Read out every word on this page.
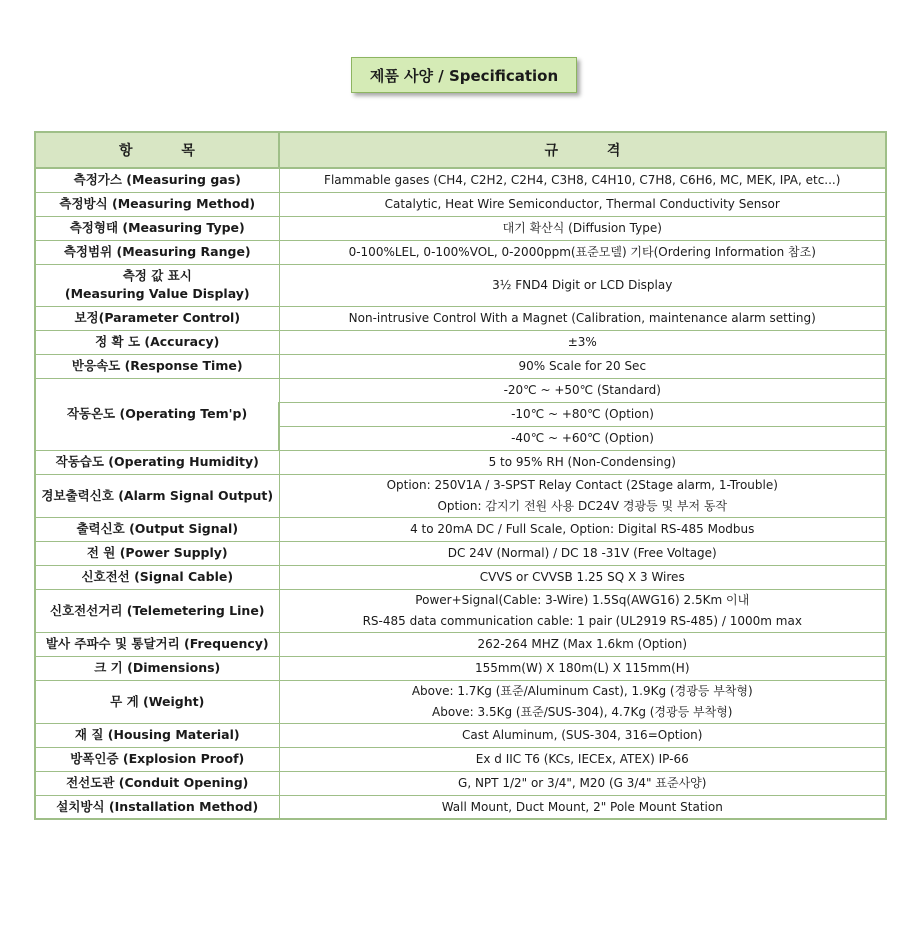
제품 사양 / Specification
항 목	규 격
측정가스 (Measuring gas)	Flammable gases (CH4, C2H2, C2H4, C3H8, C4H10, C7H8, C6H6, MC, MEK, IPA, etc...)
측정방식 (Measuring Method)	Catalytic, Heat Wire Semiconductor, Thermal Conductivity Sensor
측정형태 (Measuring Type)	대기 확산식 (Diffusion Type)
측정범위 (Measuring Range)	0-100%LEL, 0-100%VOL, 0-2000ppm(표준모델) 기타(Ordering Information 참조)

측정 값 표시
(Measuring Value Display)	3½ FND4 Digit or LCD Display
보정(Parameter Control)	Non-intrusive Control With a Magnet (Calibration, maintenance alarm setting)
정 확 도 (Accuracy)	±3%
반응속도 (Response Time)	90% Scale for 20 Sec
작동온도 (Operating Tem'p)	-20℃ ~ +50℃ (Standard)
	-10℃ ~ +80℃ (Option)
	-40℃ ~ +60℃ (Option)
작동습도 (Operating Humidity)	5 to 95% RH (Non-Condensing)
경보출력신호 (Alarm Signal Output)	Option: 250V1A / 3-SPST Relay Contact (2Stage alarm, 1-Trouble)
Option: 감지기 전원 사용 DC24V 경광등 및 부저 동작

출력신호 (Output Signal)	4 to 20mA DC / Full Scale, Option: Digital RS-485 Modbus
전 원 (Power Supply)	DC 24V (Normal) / DC 18 -31V (Free Voltage)
신호전선 (Signal Cable)	CVVS or CVVSB 1.25 SQ X 3 Wires
신호전선거리 (Telemetering Line)	Power+Signal(Cable: 3-Wire) 1.5Sq(AWG16) 2.5Km 이내
RS-485 data communication cable: 1 pair (UL2919 RS-485) / 1000m max

발사 주파수 및 통달거리 (Frequency)	262-264 MHZ (Max 1.6km (Option)
크 기 (Dimensions)	155mm(W) X 180m(L) X 115mm(H)
무 게 (Weight)	Above: 1.7Kg (표준/Aluminum Cast), 1.9Kg (경광등 부착형)
Above: 3.5Kg (표준/SUS-304), 4.7Kg (경광등 부착형)

재 질 (Housing Material)	Cast Aluminum, (SUS-304, 316=Option)
방폭인증 (Explosion Proof)	Ex d IIC T6 (KCs, IECEx, ATEX) IP-66
전선도관 (Conduit Opening)	G, NPT 1/2" or 3/4", M20 (G 3/4" 표준사양)
설치방식 (Installation Method)	Wall Mount, Duct Mount, 2" Pole Mount Station
